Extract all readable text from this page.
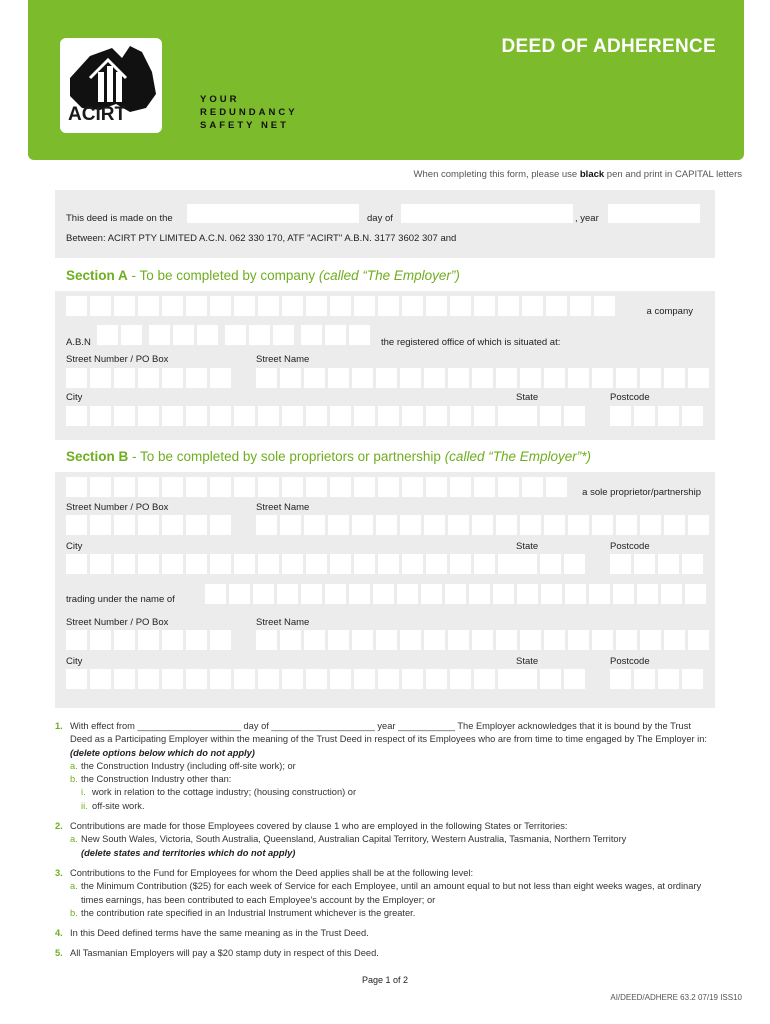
ACIRT
YOUR
REDUNDANCY
SAFETY NET
DEED OF ADHERENCE
When completing this form, please use black pen and print in CAPITAL letters
This deed is made on the	day of	, year
Between: ACIRT PTY LIMITED A.C.N. 062 330 170, ATF "ACIRT" A.B.N. 3177 3602 307 and
Section A - To be completed by company (called “The Employer”)
a company
A.B.N	the registered office of which is situated at:
Street Number / PO Box	Street Name
City	State	Postcode
Section B - To be completed by sole proprietors or partnership (called “The Employer”*)
a sole proprietor/partnership
Street Number / PO Box	Street Name
City	State	Postcode
trading under the name of
Street Number / PO Box	Street Name
City	State	Postcode
1. With effect from ____________________ day of ____________________ year ___________ The Employer acknowledges that it is bound by the Trust Deed as a Participating Employer within the meaning of the Trust Deed in respect of its Employees who are from time to time engaged by The Employer in: (delete options below which do not apply)
a. the Construction Industry (including off-site work); or
b. the Construction Industry other than:
i. work in relation to the cottage industry; (housing construction) or
ii. off-site work.
2. Contributions are made for those Employees covered by clause 1 who are employed in the following States or Territories:
a. New South Wales, Victoria, South Australia, Queensland, Australian Capital Territory, Western Australia, Tasmania, Northern Territory
(delete states and territories which do not apply)
3. Contributions to the Fund for Employees for whom the Deed applies shall be at the following level:
a. the Minimum Contribution ($25) for each week of Service for each Employee, until an amount equal to but not less than eight weeks wages, at ordinary times earnings, has been contributed to each Employee's account by the Employer; or
b. the contribution rate specified in an Industrial Instrument whichever is the greater.
4. In this Deed defined terms have the same meaning as in the Trust Deed.
5. All Tasmanian Employers will pay a $20 stamp duty in respect of this Deed.
Page 1 of 2
AI/DEED/ADHERE 63.2 07/19 ISS10
